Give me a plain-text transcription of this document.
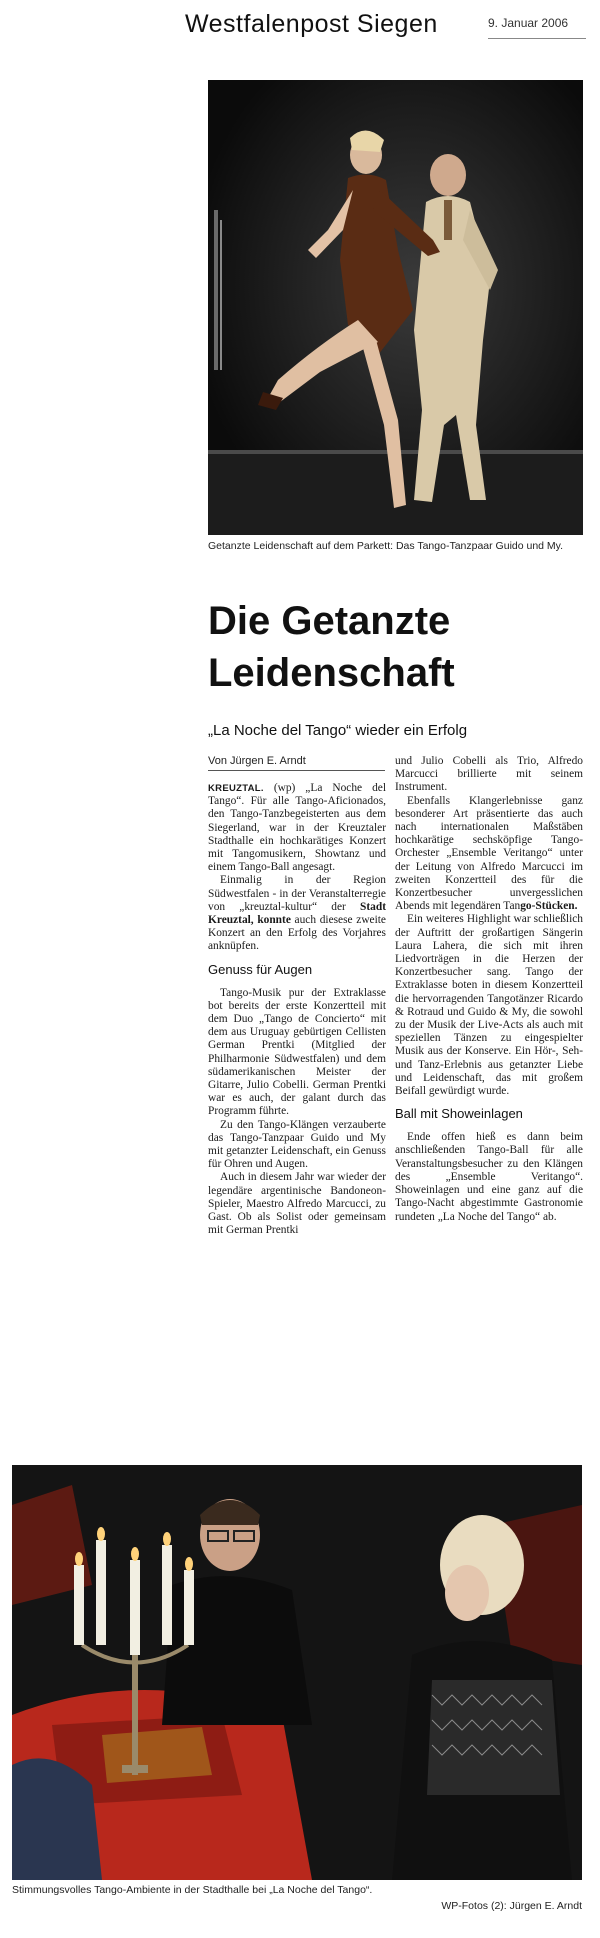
Westfalenpost Siegen	9. Januar 2006
Getanzte Leidenschaft auf dem Parkett: Das Tango-Tanzpaar Guido und My.
Die Getanzte
Leidenschaft
„La Noche del Tango“ wieder ein Erfolg
Von Jürgen E. Arndt

KREUZTAL. (wp) „La Noche del Tango“. Für alle Tango-Aficionados, den Tango-Tanzbegeisterten aus dem Siegerland, war in der Kreuztaler Stadthalle ein hochkarätiges Konzert mit Tangomusikern, Showtanz und einem Tango-Ball angesagt.

Einmalig in der Region Südwestfalen - in der Veranstalterregie von „kreuztal-kultur“ der Stadt Kreuztal, konnte auch diesese zweite Konzert an den Erfolg des Vorjahres anknüpfen.

Genuss für Augen

Tango-Musik pur der Extraklasse bot bereits der erste Konzertteil mit dem Duo „Tango de Concierto“ mit dem aus Uruguay gebürtigen Cellisten German Prentki (Mitglied der Philharmonie Südwestfalen) und dem südamerikanischen Meister der Gitarre, Julio Cobelli. German Prentki war es auch, der galant durch das Programm führte.

Zu den Tango-Klängen verzauberte das Tango-Tanzpaar Guido und My mit getanzter Leidenschaft, ein Genuss für Ohren und Augen.

Auch in diesem Jahr war wieder der legendäre argentinische Bandoneon-Spieler, Maestro Alfredo Marcucci, zu Gast. Ob als Solist oder gemeinsam mit German Prentki

und Julio Cobelli als Trio, Alfredo Marcucci brillierte mit seinem Instrument.

Ebenfalls Klangerlebnisse ganz besonderer Art präsentierte das auch nach internationalen Maßstäben hochkarätige sechsköpfige Tango-Orchester „Ensemble Veritango“ unter der Leitung von Alfredo Marcucci im zweiten Konzertteil des für die Konzertbesucher unvergesslichen Abends mit legendären Tango-Stücken.

Ein weiteres Highlight war schließlich der Auftritt der großartigen Sängerin Laura Lahera, die sich mit ihren Liedvorträgen in die Herzen der Konzertbesucher sang. Tango der Extraklasse boten in diesem Konzertteil die hervorragenden Tangotänzer Ricardo & Rotraud und Guido & My, die sowohl zu der Musik der Live-Acts als auch mit speziellen Tänzen zu eingespielter Musik aus der Konserve. Ein Hör-, Seh- und Tanz-Erlebnis aus getanzter Liebe und Leidenschaft, das mit großem Beifall gewürdigt wurde.

Ball mit Showeinlagen

Ende offen hieß es dann beim anschließenden Tango-Ball für alle Veranstaltungsbesucher zu den Klängen des „Ensemble Veritango“. Showeinlagen und eine ganz auf die Tango-Nacht abgestimmte Gastronomie rundeten „La Noche del Tango“ ab.

Stimmungsvolles Tango-Ambiente in der Stadthalle bei „La Noche del Tango“.
WP-Fotos (2): Jürgen E. Arndt
